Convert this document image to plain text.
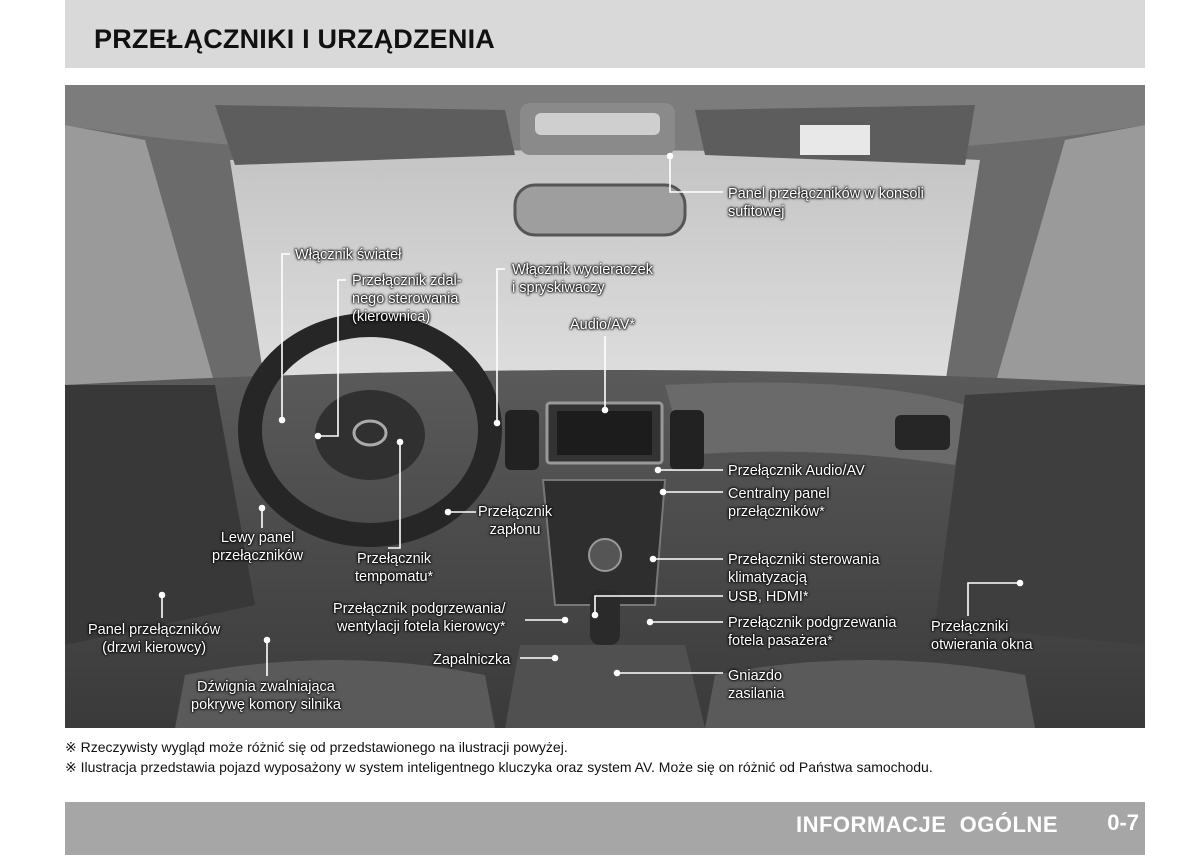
PRZEŁĄCZNIKI I URZĄDZENIA
Panel przełączników w konsoli
sufitowej
Włącznik świateł
Przełącznik zdal-
nego sterowania
(kierownica)
Włącznik wycieraczek
i spryskiwaczy
Audio/AV*
Przełącznik Audio/AV
Centralny panel
przełączników*
Przełącznik
zapłonu
Lewy panel
przełączników	Przełącznik
tempomatu*
Przełączniki sterowania
klimatyzacją
USB, HDMI*
Przełącznik podgrzewania/
wentylacji fotela kierowcy*	Przełącznik podgrzewania
fotela pasażera*
Panel przełączników
(drzwi kierowcy)
Przełączniki
otwierania okna
Zapalniczka
Gniazdo
zasilania
Dźwignia zwalniająca
pokrywę komory silnika
※ Rzeczywisty wygląd może różnić się od przedstawionego na ilustracji powyżej.
※ Ilustracja przedstawia pojazd wyposażony w system inteligentnego kluczyka oraz system AV. Może się on różnić od Państwa samochodu.
INFORMACJE  OGÓLNE 0-7
